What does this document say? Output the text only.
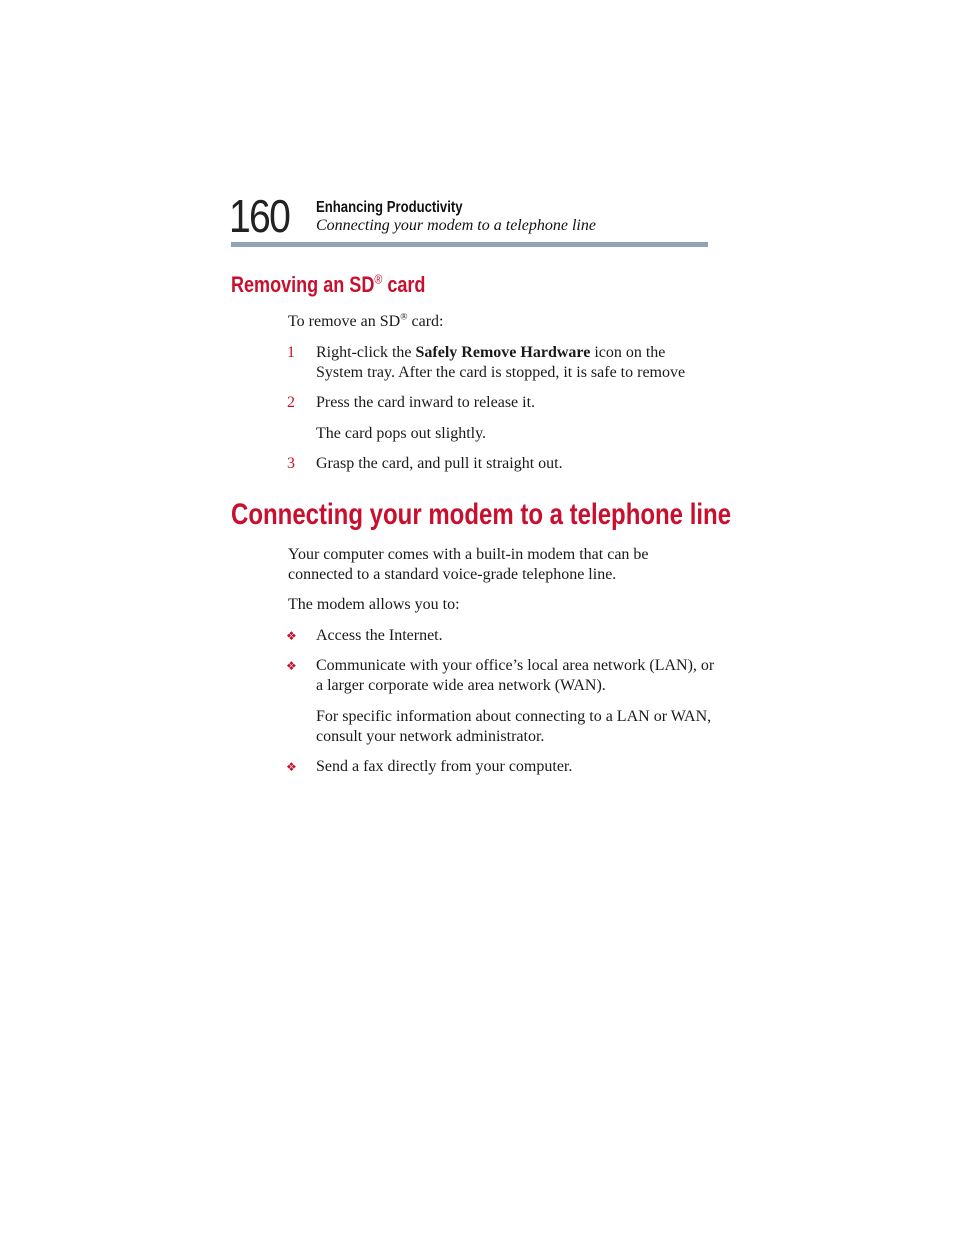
160 Enhancing Productivity
Connecting your modem to a telephone line
Removing an SD® card
To remove an SD® card:
1 Right-click the Safely Remove Hardware icon on the
System tray. After the card is stopped, it is safe to remove
2 Press the card inward to release it.
The card pops out slightly.
3 Grasp the card, and pull it straight out.
Connecting your modem to a telephone line
Your computer comes with a built-in modem that can be
connected to a standard voice-grade telephone line.
The modem allows you to:
❖ Access the Internet.
❖ Communicate with your office’s local area network (LAN), or
a larger corporate wide area network (WAN).
For specific information about connecting to a LAN or WAN,
consult your network administrator.
❖ Send a fax directly from your computer.
